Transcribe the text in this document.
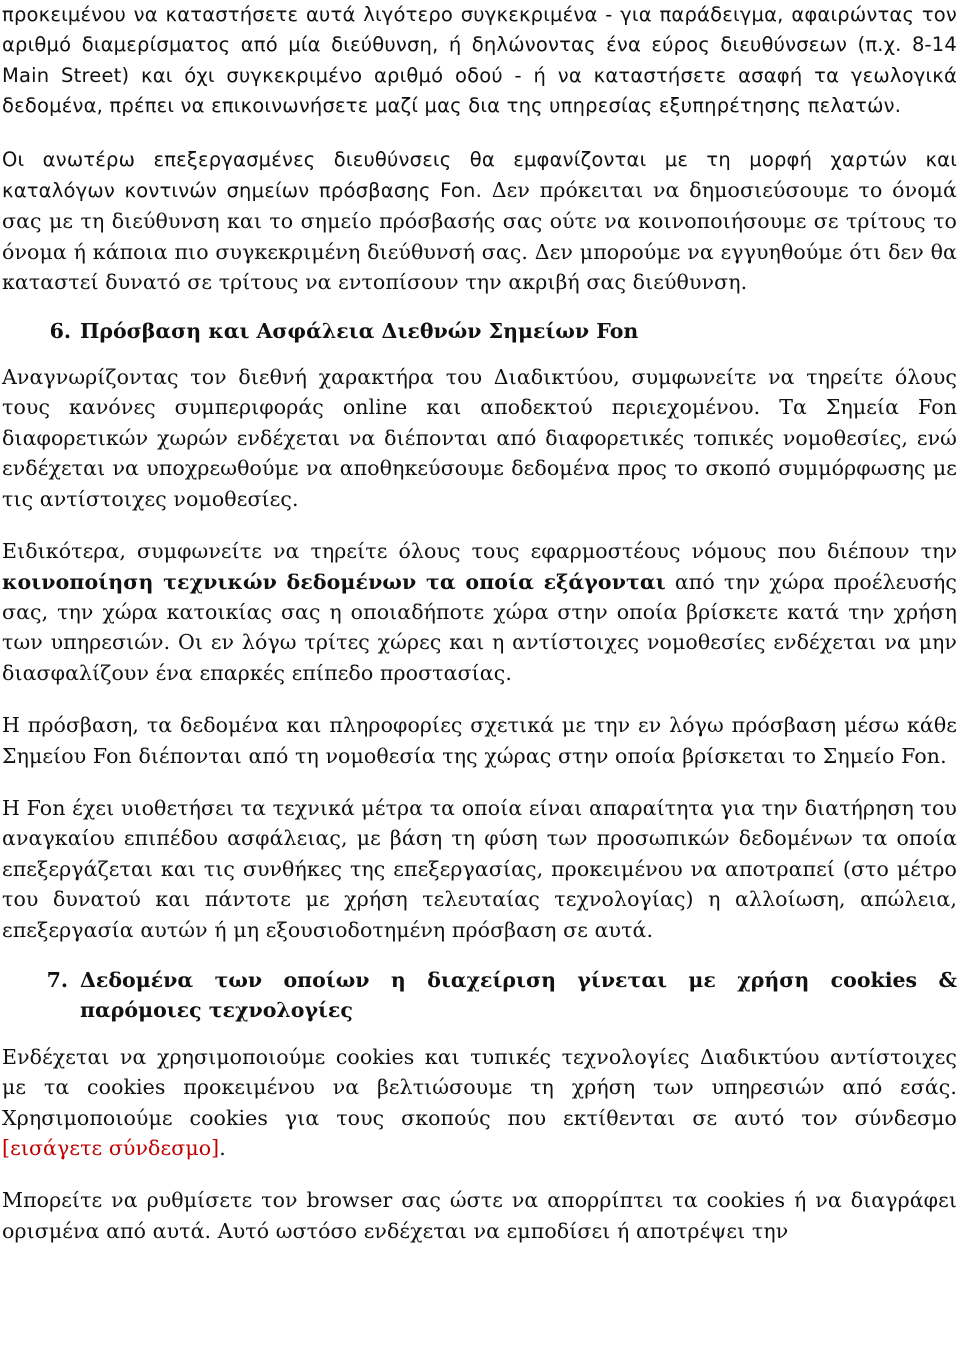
προκειμένου να καταστήσετε αυτά λιγότερο συγκεκριμένα - για παράδειγμα, αφαιρώντας τον αριθμό διαμερίσματος από μία διεύθυνση, ή δηλώνοντας ένα εύρος διευθύνσεων (π.χ. 8-14 Main Street) και όχι συγκεκριμένο αριθμό οδού - ή να καταστήσετε ασαφή τα γεωλογικά δεδομένα, πρέπει να επικοινωνήσετε μαζί μας δια της υπηρεσίας εξυπηρέτησης πελατών.

Οι ανωτέρω επεξεργασμένες διευθύνσεις θα εμφανίζονται με τη μορφή χαρτών και καταλόγων κοντινών σημείων πρόσβασης Fon. Δεν πρόκειται να δημοσιεύσουμε το όνομά σας με τη διεύθυνση και το σημείο πρόσβασής σας ούτε να κοινοποιήσουμε σε τρίτους το όνομα ή κάποια πιο συγκεκριμένη διεύθυνσή σας. Δεν μπορούμε να εγγυηθούμε ότι δεν θα καταστεί δυνατό σε τρίτους να εντοπίσουν την ακριβή σας διεύθυνση.

6. Πρόσβαση και Ασφάλεια Διεθνών Σημείων Fon

Αναγνωρίζοντας τον διεθνή χαρακτήρα του Διαδικτύου, συμφωνείτε να τηρείτε όλους τους κανόνες συμπεριφοράς online και αποδεκτού περιεχομένου. Τα Σημεία Fon διαφορετικών χωρών ενδέχεται να διέπονται από διαφορετικές τοπικές νομοθεσίες, ενώ ενδέχεται να υποχρεωθούμε να αποθηκεύσουμε δεδομένα προς το σκοπό συμμόρφωσης με τις αντίστοιχες νομοθεσίες.

Ειδικότερα, συμφωνείτε να τηρείτε όλους τους εφαρμοστέους νόμους που διέπουν την κοινοποίηση τεχνικών δεδομένων τα οποία εξάγονται από την χώρα προέλευσής σας, την χώρα κατοικίας σας η οποιαδήποτε χώρα στην οποία βρίσκετε κατά την χρήση των υπηρεσιών. Οι εν λόγω τρίτες χώρες και η αντίστοιχες νομοθεσίες ενδέχεται να μην διασφαλίζουν ένα επαρκές επίπεδο προστασίας.

Η πρόσβαση, τα δεδομένα και πληροφορίες σχετικά με την εν λόγω πρόσβαση μέσω κάθε Σημείου Fon διέπονται από τη νομοθεσία της χώρας στην οποία βρίσκεται το Σημείο Fon.

Η Fon έχει υιοθετήσει τα τεχνικά μέτρα τα οποία είναι απαραίτητα για την διατήρηση του αναγκαίου επιπέδου ασφάλειας, με βάση τη φύση των προσωπικών δεδομένων τα οποία επεξεργάζεται και τις συνθήκες της επεξεργασίας, προκειμένου να αποτραπεί (στο μέτρο του δυνατού και πάντοτε με χρήση τελευταίας τεχνολογίας) η αλλοίωση, απώλεια, επεξεργασία αυτών ή μη εξουσιοδοτημένη πρόσβαση σε αυτά.

7. Δεδομένα των οποίων η διαχείριση γίνεται με χρήση cookies & παρόμοιες τεχνολογίες

Ενδέχεται να χρησιμοποιούμε cookies και τυπικές τεχνολογίες Διαδικτύου αντίστοιχες με τα cookies προκειμένου να βελτιώσουμε τη χρήση των υπηρεσιών από εσάς. Χρησιμοποιούμε cookies για τους σκοπούς που εκτίθενται σε αυτό τον σύνδεσμο [εισάγετε σύνδεσμο].

Μπορείτε να ρυθμίσετε τον browser σας ώστε να απορρίπτει τα cookies ή να διαγράφει ορισμένα από αυτά. Αυτό ωστόσο ενδέχεται να εμποδίσει ή αποτρέψει την
